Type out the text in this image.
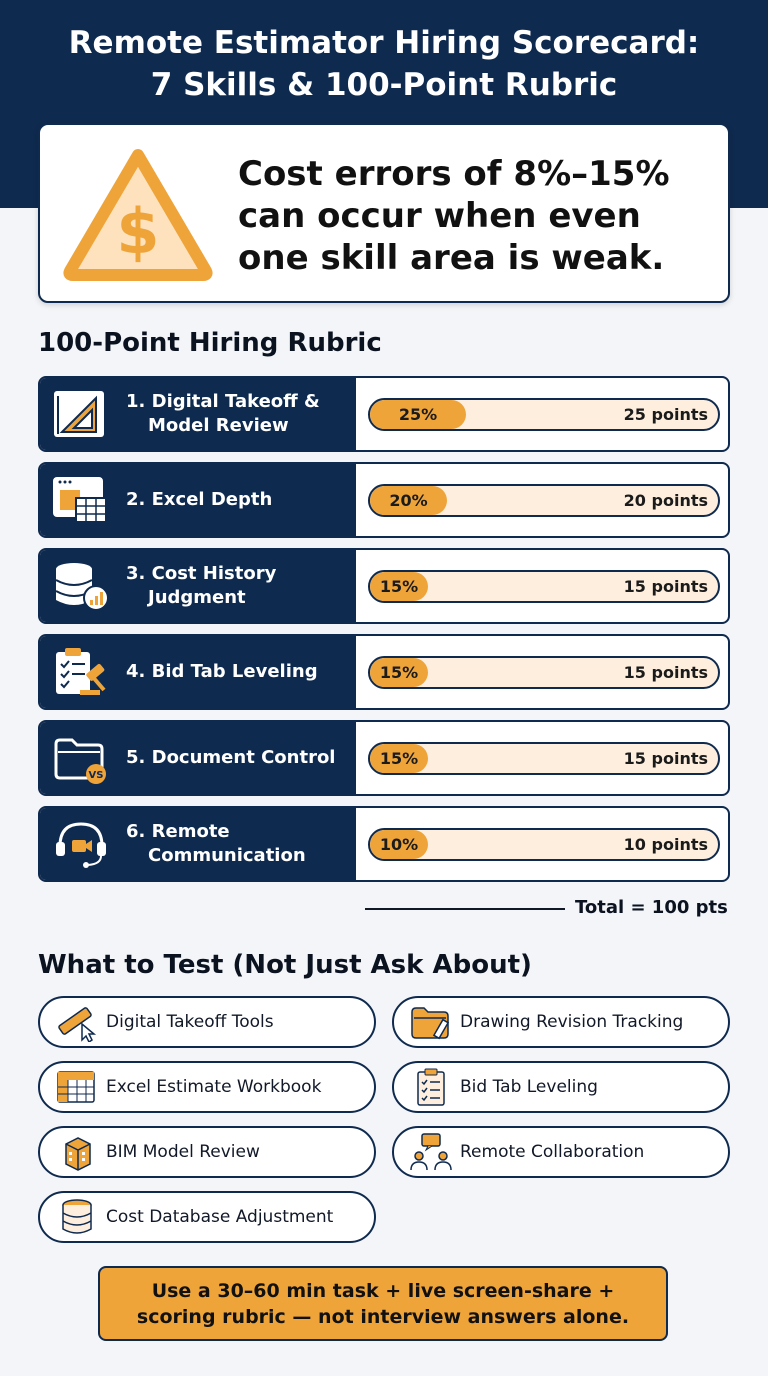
Remote Estimator Hiring Scorecard:
7 Skills & 100-Point Rubric
$
Cost errors of 8%–15% can occur when even one skill area is weak.
100-Point Hiring Rubric
1. Digital Takeoff &
Model Review
25%	25 points
2. Excel Depth	20%	20 points
3. Cost History
Judgment
15%	15 points
4. Bid Tab Leveling	15%	15 points
VS
5. Document Control	15%	15 points
6. Remote
Communication
10%	10 points
Total = 100 pts
What to Test (Not Just Ask About)
Digital Takeoff Tools	Drawing Revision Tracking
Excel Estimate Workbook	Bid Tab Leveling
BIM Model Review	Remote Collaboration
Cost Database Adjustment
Use a 30–60 min task + live screen-share + scoring rubric — not interview answers alone.
